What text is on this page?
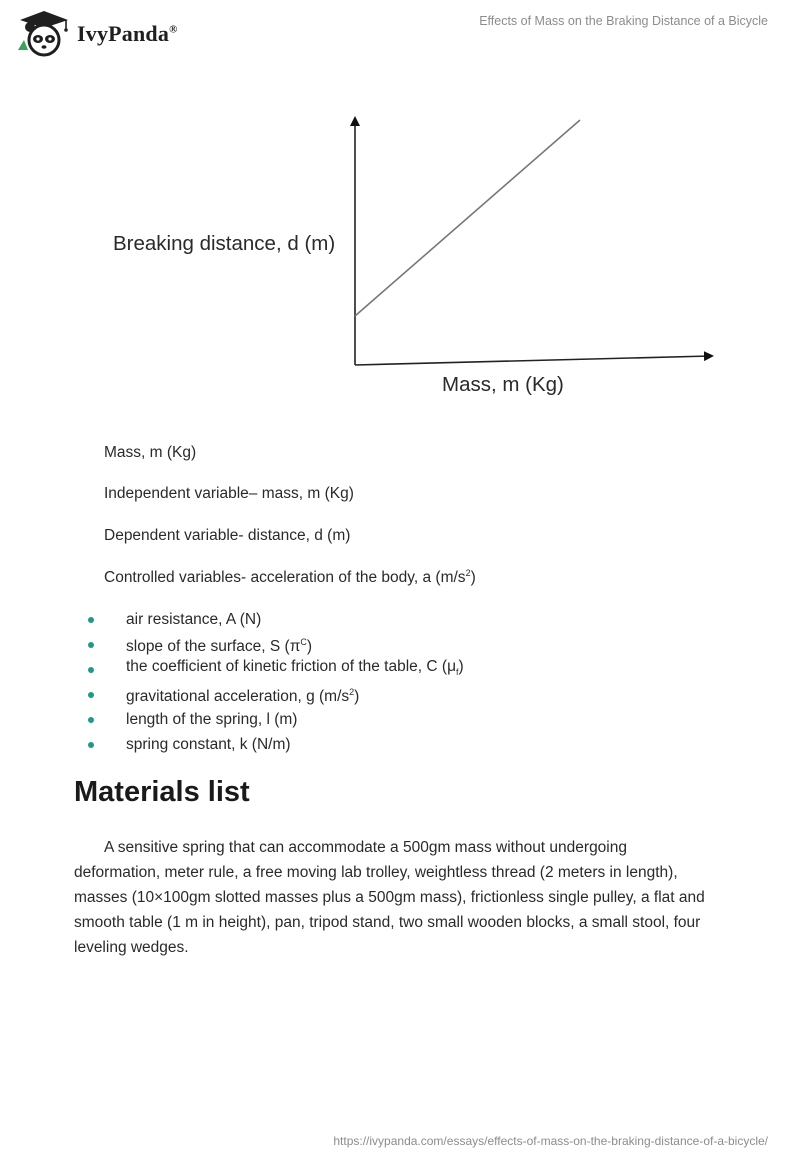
IvyPanda®
Effects of Mass on the Braking Distance of a Bicycle
Breaking distance, d (m)
Mass, m (Kg)
Mass, m (Kg)
Independent variable– mass, m (Kg)
Dependent variable- distance, d (m)
Controlled variables- acceleration of the body, a $(m/s^2)$
air resistance, A (N)
slope of the surface, S $(\pi^C)$
the coefficient of kinetic friction of the table, C $(\mu_f)$
gravitational acceleration, g $(m/s^2)$
length of the spring, l (m)
spring constant, k (N/m)
Materials list

A sensitive spring that can accommodate a 500gm mass without undergoing deformation, meter rule, a free moving lab trolley, weightless thread (2 meters in length), masses (10×100gm slotted masses plus a 500gm mass), frictionless single pulley, a flat and smooth table (1 m in height), pan, tripod stand, two small wooden blocks, a small stool, four leveling wedges.

https://ivypanda.com/essays/effects-of-mass-on-the-braking-distance-of-a-bicycle/
